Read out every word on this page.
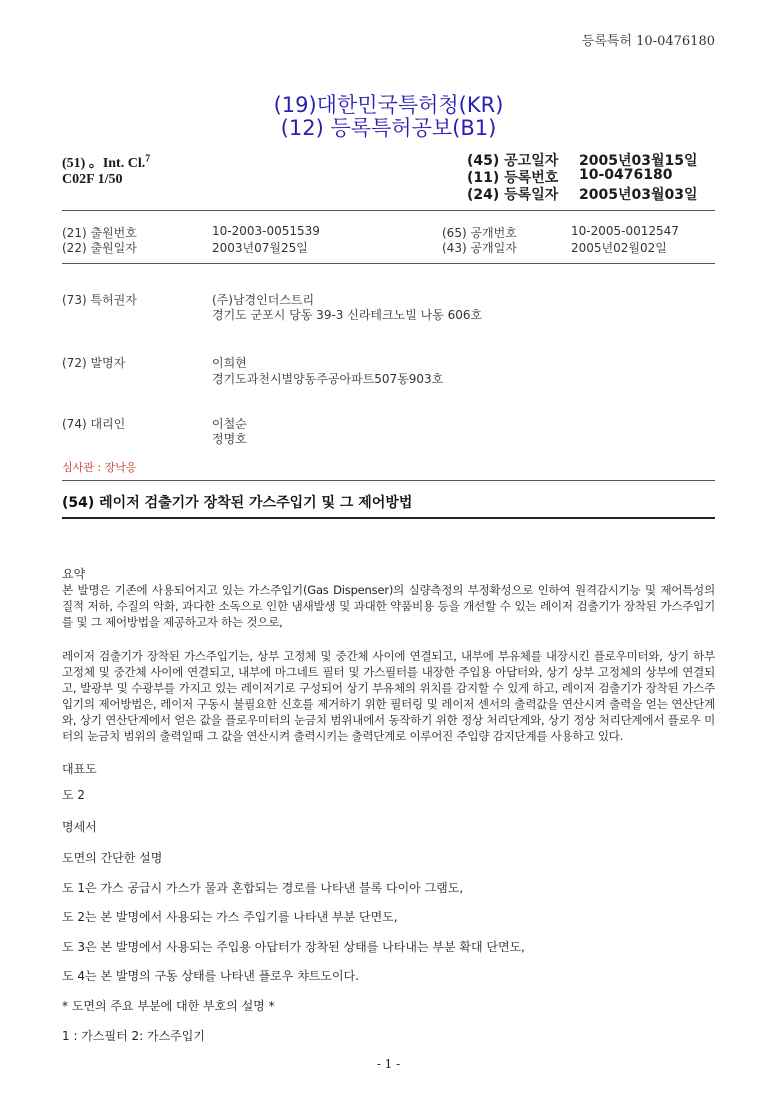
등록특허 10-0476180
(19)대한민국특허청(KR)
(12) 등록특허공보(B1)
(51) 。Int. Cl.$^7$
C02F 1/50
(45) 공고일자 2005년03월15일
(11) 등록번호 10-0476180
(24) 등록일자 2005년03월03일
(21) 출원번호	10-2003-0051539
(22) 출원일자	2003년07월25일
(65) 공개번호	10-2005-0012547
(43) 공개일자	2005년02월02일
(73) 특허권자	(주)남경인더스트리
경기도 군포시 당동 39-3 신라테크노빌 나동 606호
(72) 발명자	이희현
경기도과천시별양동주공아파트507동903호
(74) 대리인	이철순
정명호
심사관 : 장낙응
(54) 레이저 검출기가 장착된 가스주입기 및 그 제어방법
요약
본 발명은 기존에 사용되어지고 있는 가스주입기(Gas Dispenser)의 실량측정의 부정확성으로 인하여 원격감시기능 및 제어특성의 질적 저하, 수질의 악화, 과다한 소독으로 인한 냄새발생 및 과대한 약품비용 등을 개선할 수 있는 레이저 검출기가 장착된 가스주입기를 및 그 제어방법을 제공하고자 하는 것으로,
레이저 검출기가 장착된 가스주입기는, 상부 고정체 및 중간체 사이에 연결되고, 내부에 부유체를 내장시킨 플로우미터와, 상기 하부 고정체 및 중간체 사이에 연결되고, 내부에 마그네트 필터 및 가스필터를 내장한 주입용 아답터와, 상기 상부 고정체의 상부에 연결되고, 발광부 및 수광부를 가지고 있는 레이저기로 구성되어 상기 부유체의 위치를 감지할 수 있게 하고, 레이저 검출기가 장착된 가스주입기의 제어방법은, 레이저 구동시 불필요한 신호를 제거하기 위한 필터링 및 레이저 센서의 출력값을 연산시켜 출력을 얻는 연산단계와, 상기 연산단계에서 얻은 값을 플로우미터의 눈금치 범위내에서 동작하기 위한 정상 처리단계와, 상기 정상 처리단계에서 플로우 미터의 눈금치 범위의 출력일때 그 값을 연산시켜 출력시키는 출력단계로 이루어진 주입량 감지단계를 사용하고 있다.
대표도
도 2
명세서
도면의 간단한 설명
도 1은 가스 공급시 가스가 물과 혼합되는 경로를 나타낸 블록 다이아 그램도,
도 2는 본 발명에서 사용되는 가스 주입기를 나타낸 부분 단면도,
도 3은 본 발명에서 사용되는 주입용 아답터가 장착된 상태를 나타내는 부분 확대 단면도,
도 4는 본 발명의 구동 상태를 나타낸 플로우 챠트도이다.
* 도면의 주요 부분에 대한 부호의 설명 *
1 : 가스필터 2: 가스주입기
- 1 -
